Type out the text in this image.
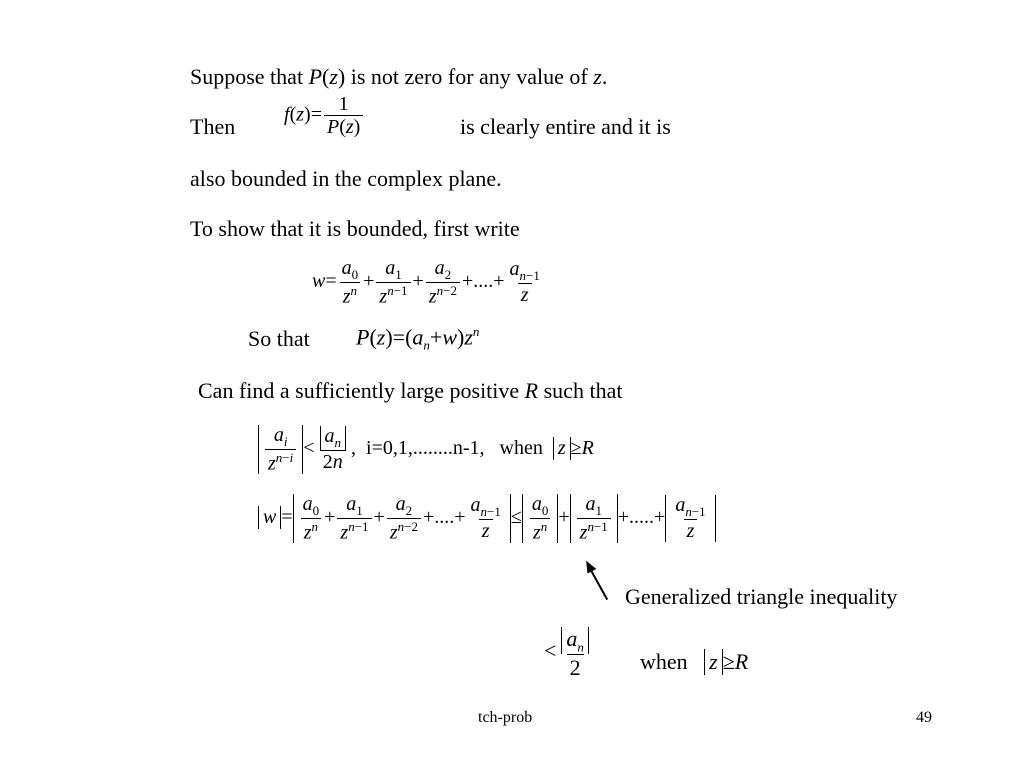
Suppose that P(z) is not zero for any value of z.
Then $f(z)= \frac{1}{P(z)}$	is clearly entire and it is
also bounded in the complex plane.
To show that it is bounded, first write
$w= \frac{a_0}{z^n} + \frac{a_1}{z^{n-1}} + \frac{a_2}{z^{n-2}}$ +....+ $\frac{a_{n-1}}{z}$
So that $P(z)=(a_n+w)z^n$
Can find a sufficiently large positive R such that
$\frac{a_i}{z^{n-i}} < \frac{a_n}{2n}$ ,  i=0,1,........n-1, when z ≥R
$w = \frac{a_0}{z^n} + \frac{a_1}{z^{n-1}} + \frac{a_2}{z^{n-2}}$ +....+ $\frac{a_{n-1}}{z} \le \frac{a_0}{z^n} + \frac{a_1}{z^{n-1}}$ +.....+ $\frac{a_{n-1}}{z}$
Generalized triangle inequality
< $\frac{a_n}{2}$ when z ≥R
tch-prob	49
